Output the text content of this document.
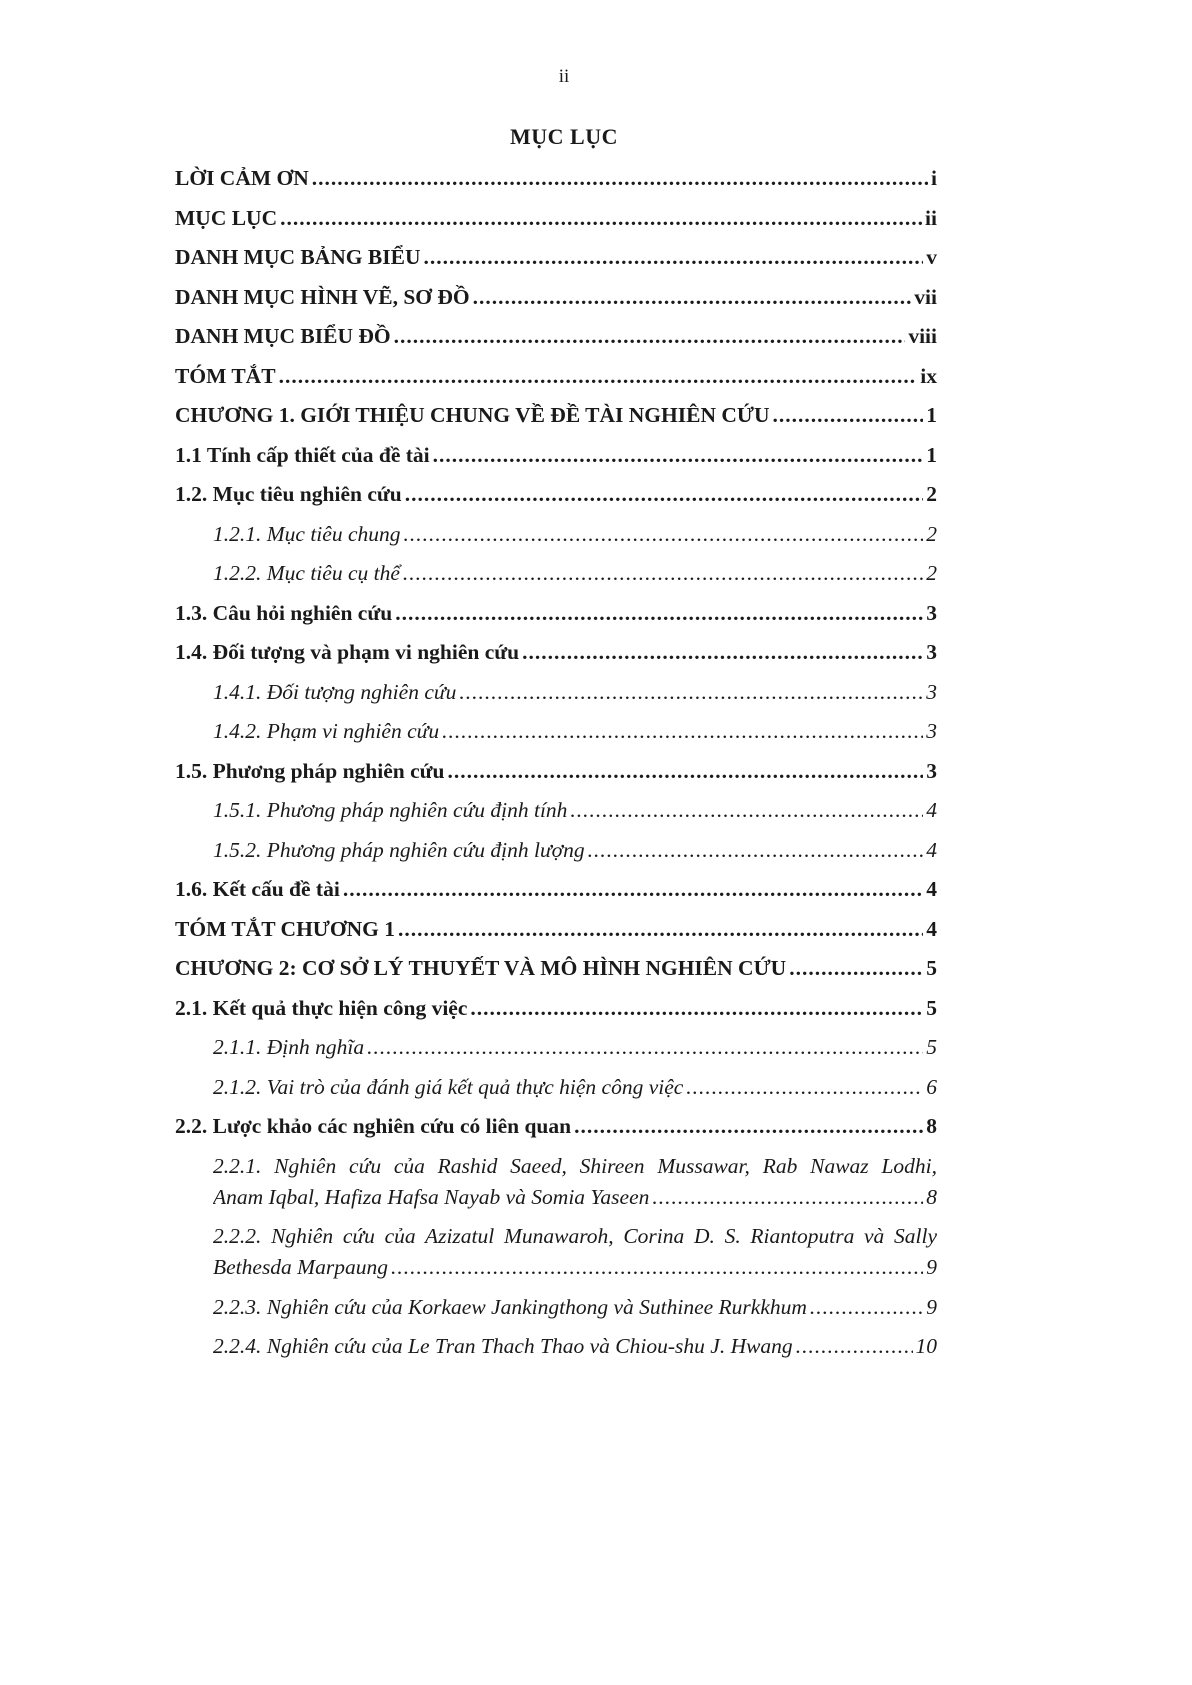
ii
MỤC LỤC
LỜI CẢM ƠN .....	i
MỤC LỤC .....	ii
DANH MỤC BẢNG BIỂU .....	v
DANH MỤC HÌNH VẼ, SƠ ĐỒ .....	vii
DANH MỤC BIỂU ĐỒ .....	viii
TÓM TẮT .....	ix
CHƯƠNG 1. GIỚI THIỆU CHUNG VỀ ĐỀ TÀI NGHIÊN CỨU .....	1
1.1 Tính cấp thiết của đề tài .....	1
1.2. Mục tiêu nghiên cứu .....	2
1.2.1. Mục tiêu chung .....	2
1.2.2. Mục tiêu cụ thể .....	2
1.3. Câu hỏi nghiên cứu .....	3
1.4. Đối tượng và phạm vi nghiên cứu .....	3
1.4.1. Đối tượng nghiên cứu .....	3
1.4.2. Phạm vi nghiên cứu .....	3
1.5. Phương pháp nghiên cứu .....	3
1.5.1. Phương pháp nghiên cứu định tính .....	4
1.5.2. Phương pháp nghiên cứu định lượng .....	4
1.6. Kết cấu đề tài .....	4
TÓM TẮT CHƯƠNG 1 .....	4
CHƯƠNG 2: CƠ SỞ LÝ THUYẾT VÀ MÔ HÌNH NGHIÊN CỨU .....	5
2.1. Kết quả thực hiện công việc .....	5
2.1.1. Định nghĩa .....	5
2.1.2. Vai trò của đánh giá kết quả thực hiện công việc .....	6
2.2. Lược khảo các nghiên cứu có liên quan .....	8
2.2.1. Nghiên cứu của Rashid Saeed, Shireen Mussawar, Rab Nawaz Lodhi,
Anam Iqbal, Hafiza Hafsa Nayab và Somia Yaseen .....	8
2.2.2. Nghiên cứu của Azizatul Munawaroh, Corina D. S. Riantoputra và Sally
Bethesda Marpaung .....	9
2.2.3. Nghiên cứu của Korkaew Jankingthong và Suthinee Rurkkhum .....	9
2.2.4. Nghiên cứu của Le Tran Thach Thao và Chiou-shu J. Hwang .....	10
